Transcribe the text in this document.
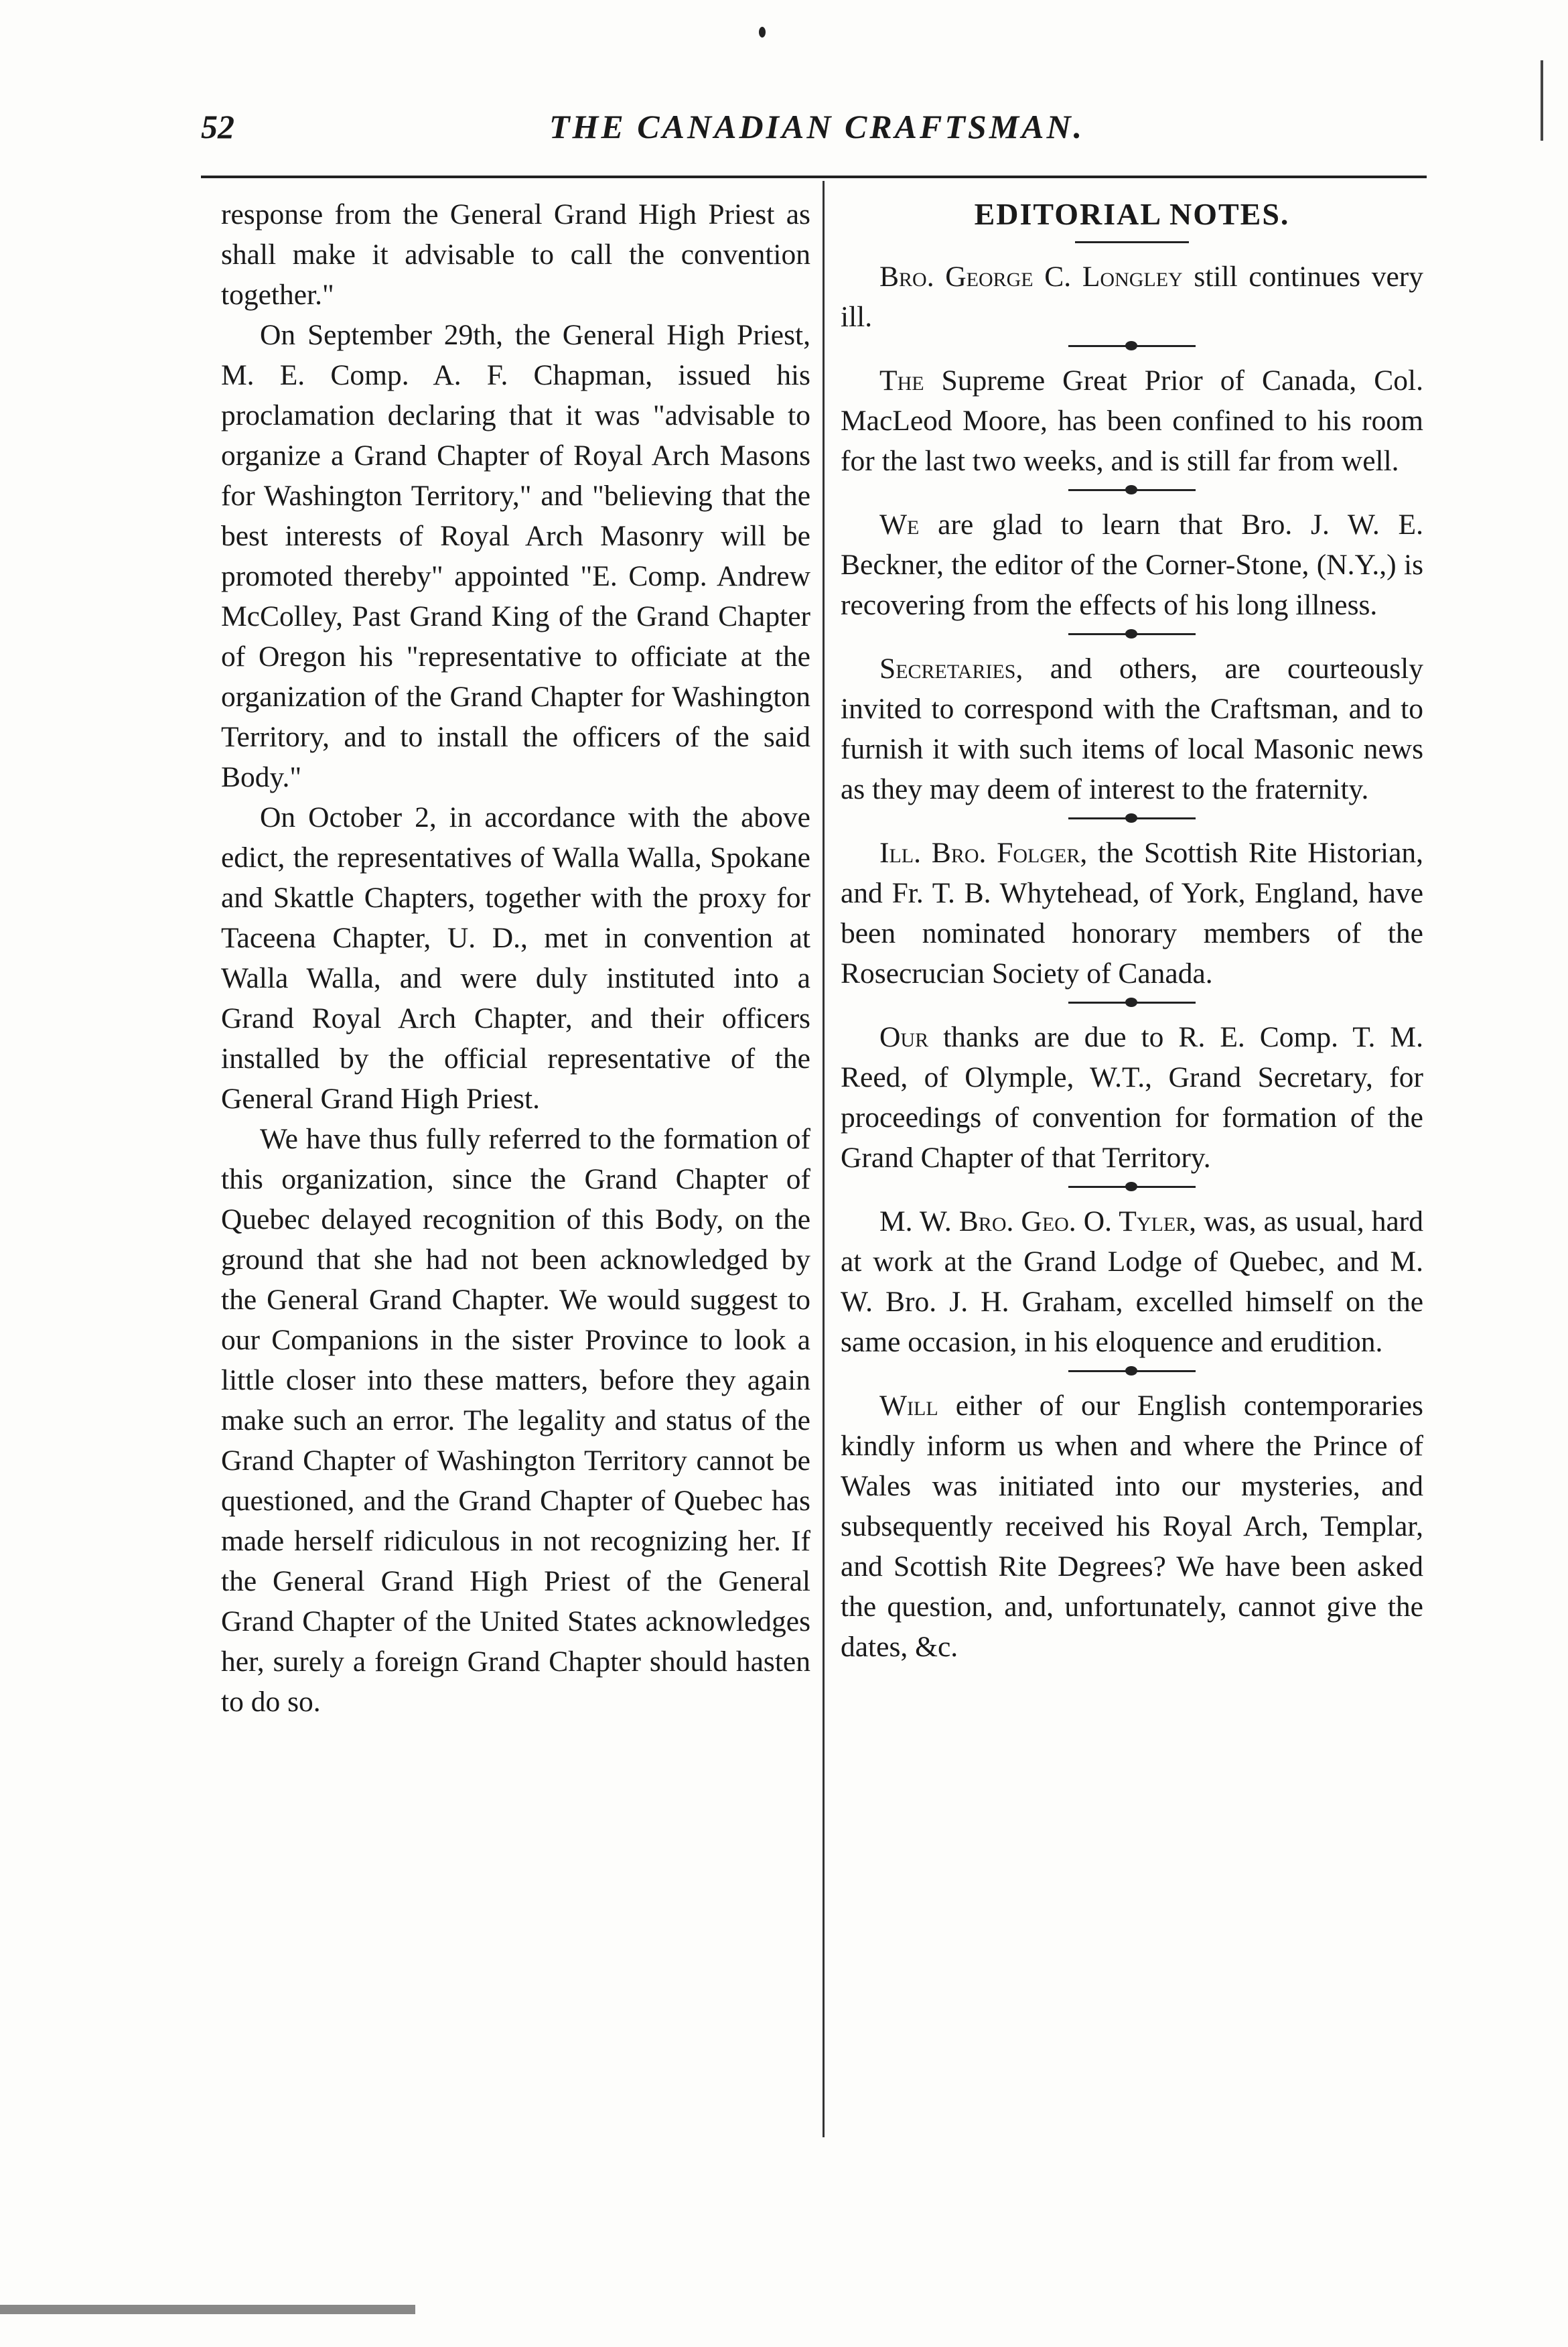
52	THE CANADIAN CRAFTSMAN.

response from the General Grand High Priest as shall make it advisable to call the convention together."

On September 29th, the General High Priest, M. E. Comp. A. F. Chapman, issued his proclamation declaring that it was "advisable to organize a Grand Chapter of Royal Arch Masons for Washington Territory," and "believing that the best interests of Royal Arch Masonry will be promoted thereby" appointed "E. Comp. Andrew McColley, Past Grand King of the Grand Chapter of Oregon his "representative to officiate at the organization of the Grand Chapter for Washington Territory, and to install the officers of the said Body."

On October 2, in accordance with the above edict, the representatives of Walla Walla, Spokane and Skattle Chapters, together with the proxy for Taceena Chapter, U. D., met in convention at Walla Walla, and were duly instituted into a Grand Royal Arch Chapter, and their officers installed by the official representative of the General Grand High Priest.

We have thus fully referred to the formation of this organization, since the Grand Chapter of Quebec delayed recognition of this Body, on the ground that she had not been acknowledged by the General Grand Chapter. We would suggest to our Companions in the sister Province to look a little closer into these matters, before they again make such an error. The legality and status of the Grand Chapter of Washington Territory cannot be questioned, and the Grand Chapter of Quebec has made herself ridiculous in not recognizing her. If the General Grand High Priest of the General Grand Chapter of the United States acknowledges her, surely a foreign Grand Chapter should hasten to do so.

EDITORIAL NOTES.

Bro. George C. Longley still continues very ill.

The Supreme Great Prior of Canada, Col. MacLeod Moore, has been confined to his room for the last two weeks, and is still far from well.

We are glad to learn that Bro. J. W. E. Beckner, the editor of the Corner-Stone, (N.Y.,) is recovering from the effects of his long illness.

Secretaries, and others, are courteously invited to correspond with the Craftsman, and to furnish it with such items of local Masonic news as they may deem of interest to the fraternity.

Ill. Bro. Folger, the Scottish Rite Historian, and Fr. T. B. Whytehead, of York, England, have been nominated honorary members of the Rosecrucian Society of Canada.

Our thanks are due to R. E. Comp. T. M. Reed, of Olymple, W.T., Grand Secretary, for proceedings of convention for formation of the Grand Chapter of that Territory.

M. W. Bro. Geo. O. Tyler, was, as usual, hard at work at the Grand Lodge of Quebec, and M. W. Bro. J. H. Graham, excelled himself on the same occasion, in his eloquence and erudition.

Will either of our English contemporaries kindly inform us when and where the Prince of Wales was initiated into our mysteries, and subsequently received his Royal Arch, Templar, and Scottish Rite Degrees? We have been asked the question, and, unfortunately, cannot give the dates, &c.
